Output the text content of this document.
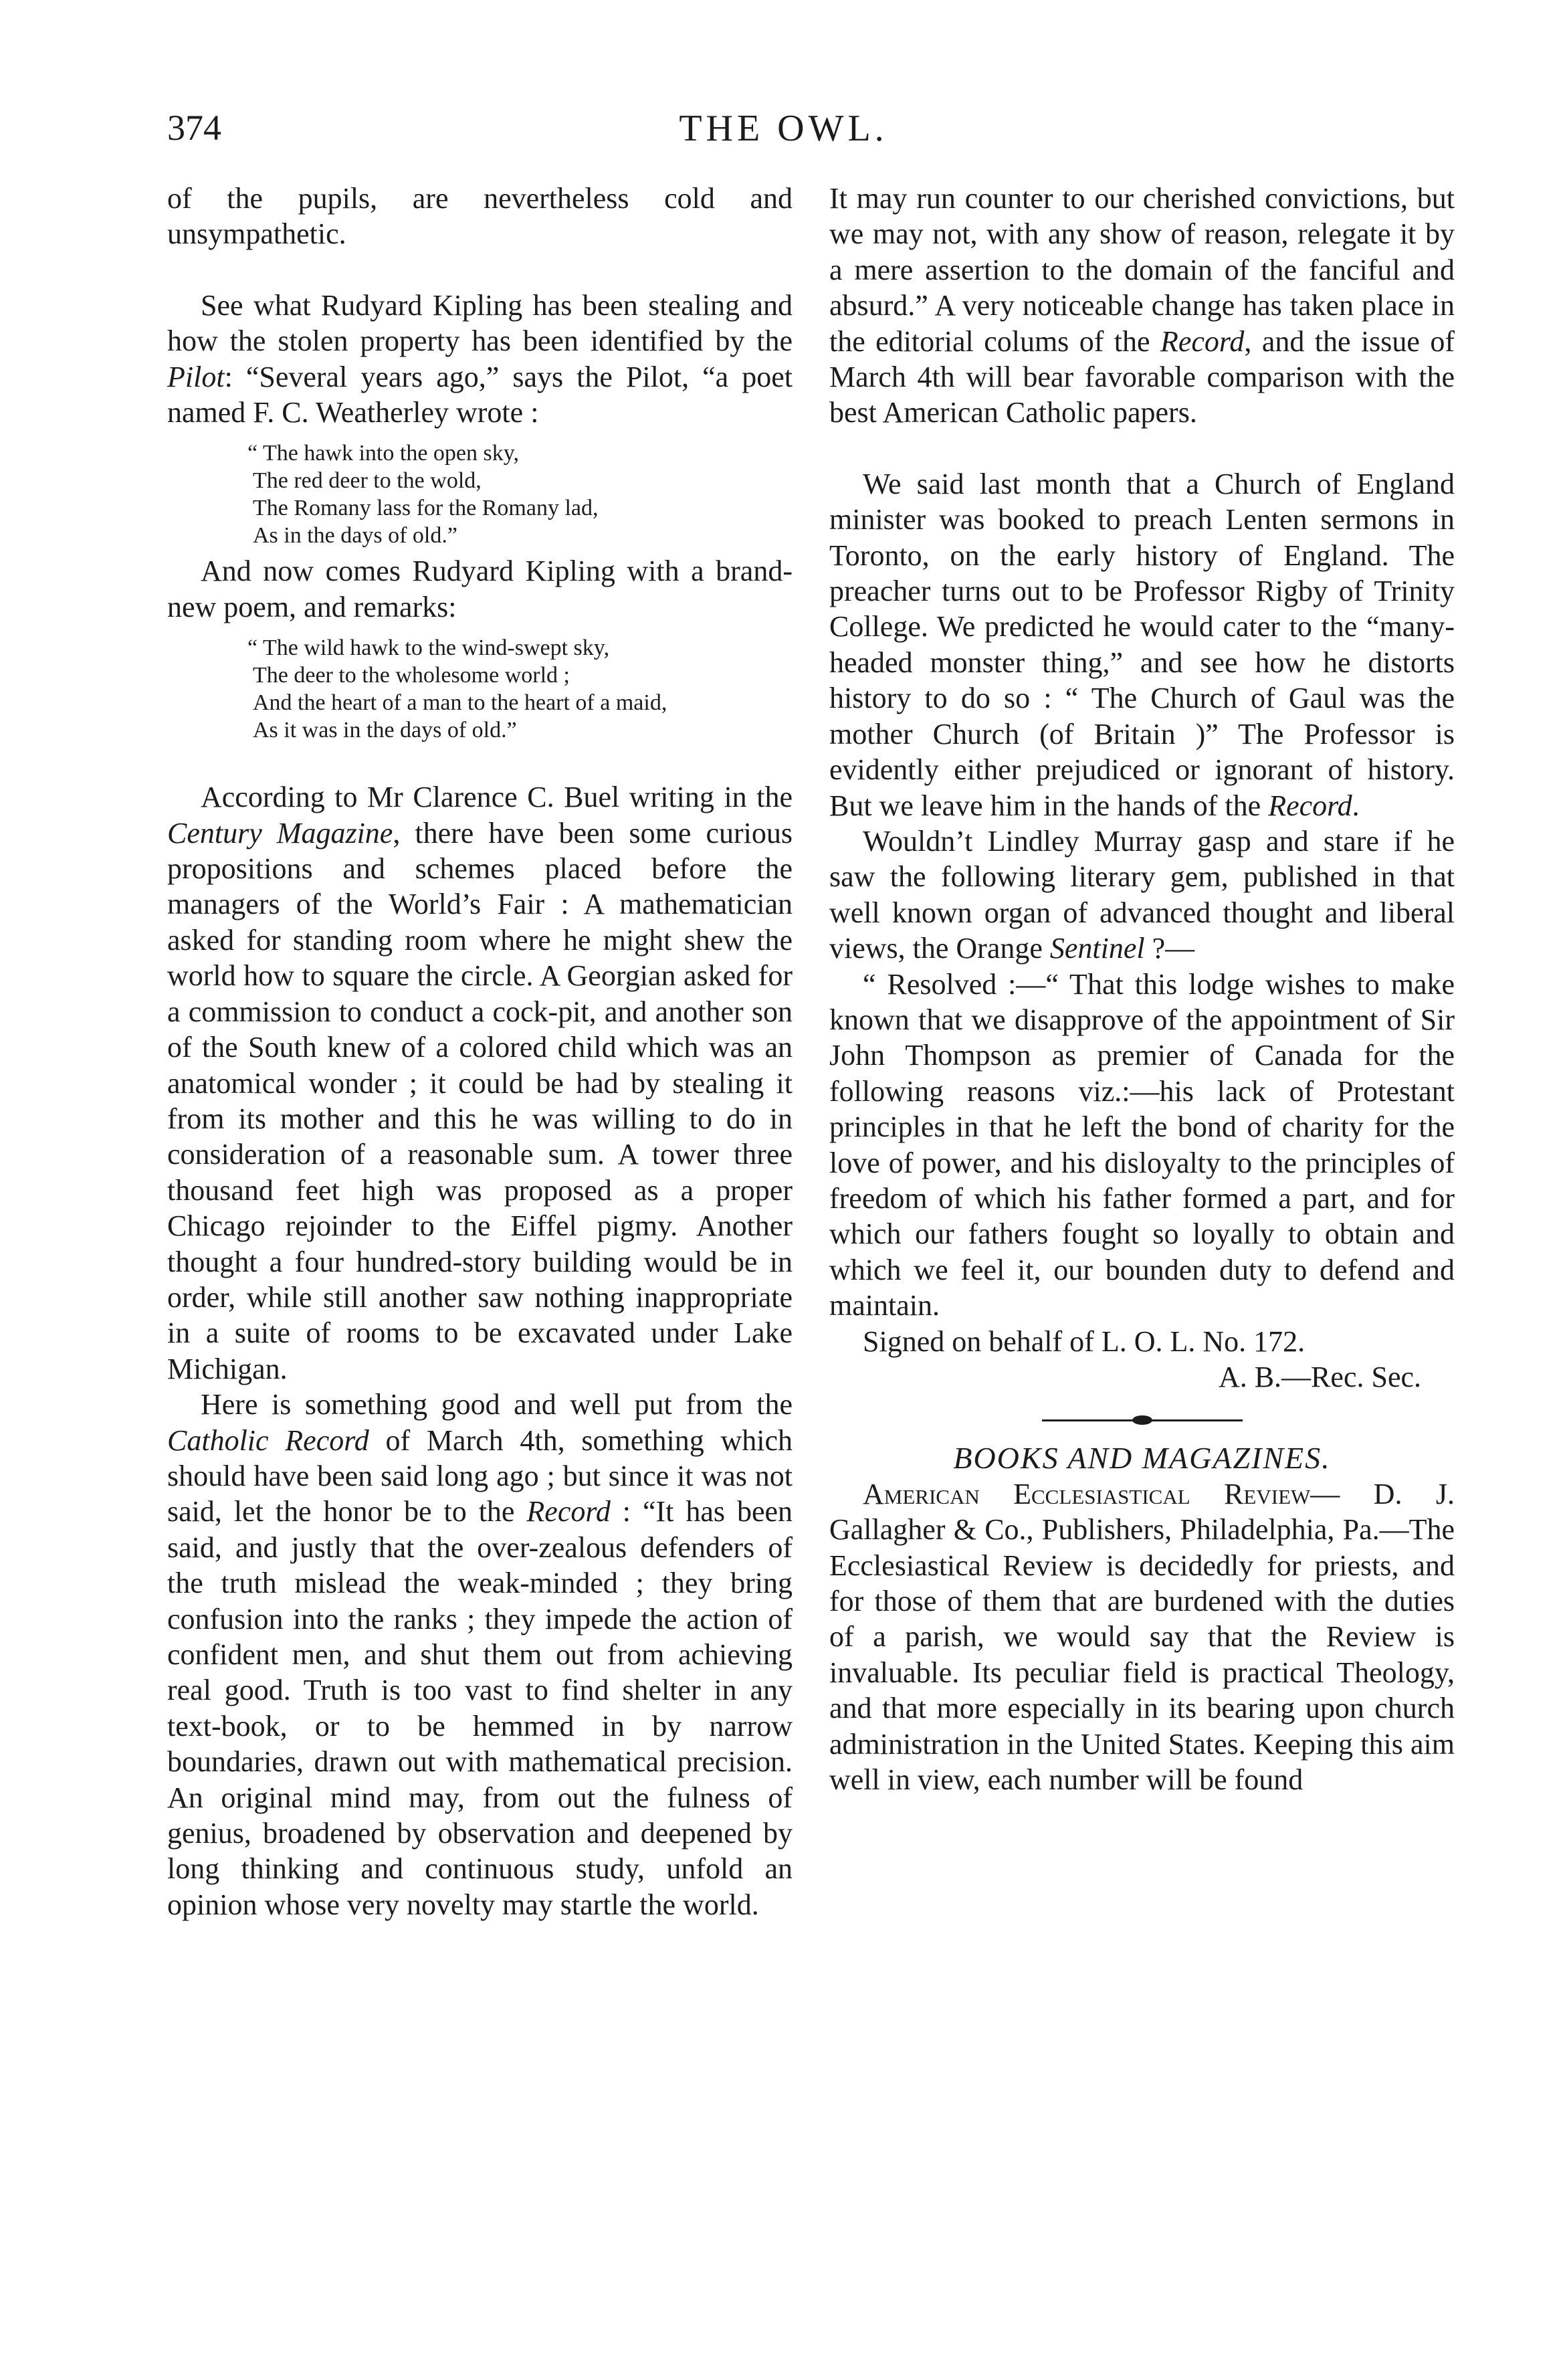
374	THE OWL.

of the pupils, are nevertheless cold and unsympathetic.

See what Rudyard Kipling has been stealing and how the stolen property has been identified by the Pilot: “Several years ago,” says the Pilot, “a poet named F. C. Weatherley wrote :

“ The hawk into the open sky,
The red deer to the wold,
The Romany lass for the Romany lad,
As in the days of old.”

And now comes Rudyard Kipling with a brand-new poem, and remarks:

“ The wild hawk to the wind-swept sky,
The deer to the wholesome world ;
And the heart of a man to the heart of a maid,
As it was in the days of old.”

According to Mr Clarence C. Buel writing in the Century Magazine, there have been some curious propositions and schemes placed before the managers of the World’s Fair : A mathematician asked for standing room where he might shew the world how to square the circle. A Georgian asked for a commission to conduct a cock-pit, and another son of the South knew of a colored child which was an anatomical wonder ; it could be had by stealing it from its mother and this he was willing to do in consideration of a reasonable sum. A tower three thousand feet high was proposed as a proper Chicago rejoinder to the Eiffel pigmy. Another thought a four hundred-story building would be in order, while still another saw nothing inappropriate in a suite of rooms to be excavated under Lake Michigan.

Here is something good and well put from the Catholic Record of March 4th, something which should have been said long ago ; but since it was not said, let the honor be to the Record : “It has been said, and justly that the over-zealous defenders of the truth mislead the weak-minded ; they bring confusion into the ranks ; they impede the action of confident men, and shut them out from achieving real good. Truth is too vast to find shelter in any text-book, or to be hemmed in by narrow boundaries, drawn out with mathematical precision. An original mind may, from out the fulness of genius, broadened by observation and deepened by long thinking and continuous study, unfold an opinion whose very novelty may startle the world.

It may run counter to our cherished convictions, but we may not, with any show of reason, relegate it by a mere assertion to the domain of the fanciful and absurd.” A very noticeable change has taken place in the editorial colums of the Record, and the issue of March 4th will bear favorable comparison with the best American Catholic papers.

We said last month that a Church of England minister was booked to preach Lenten sermons in Toronto, on the early history of England. The preacher turns out to be Professor Rigby of Trinity College. We predicted he would cater to the “many-headed monster thing,” and see how he distorts history to do so : “ The Church of Gaul was the mother Church (of Britain )” The Professor is evidently either prejudiced or ignorant of history. But we leave him in the hands of the Record.

Wouldn’t Lindley Murray gasp and stare if he saw the following literary gem, published in that well known organ of advanced thought and liberal views, the Orange Sentinel ?—

“ Resolved :—“ That this lodge wishes to make known that we disapprove of the appointment of Sir John Thompson as premier of Canada for the following reasons viz.:—his lack of Protestant principles in that he left the bond of charity for the love of power, and his disloyalty to the principles of freedom of which his father formed a part, and for which our fathers fought so loyally to obtain and which we feel it, our bounden duty to defend and maintain.

Signed on behalf of L. O. L. No. 172.

A. B.—Rec. Sec.

BOOKS AND MAGAZINES.

American Ecclesiastical Review— D. J. Gallagher & Co., Publishers, Philadelphia, Pa.—The Ecclesiastical Review is decidedly for priests, and for those of them that are burdened with the duties of a parish, we would say that the Review is invaluable. Its peculiar field is practical Theology, and that more especially in its bearing upon church administration in the United States. Keeping this aim well in view, each number will be found
